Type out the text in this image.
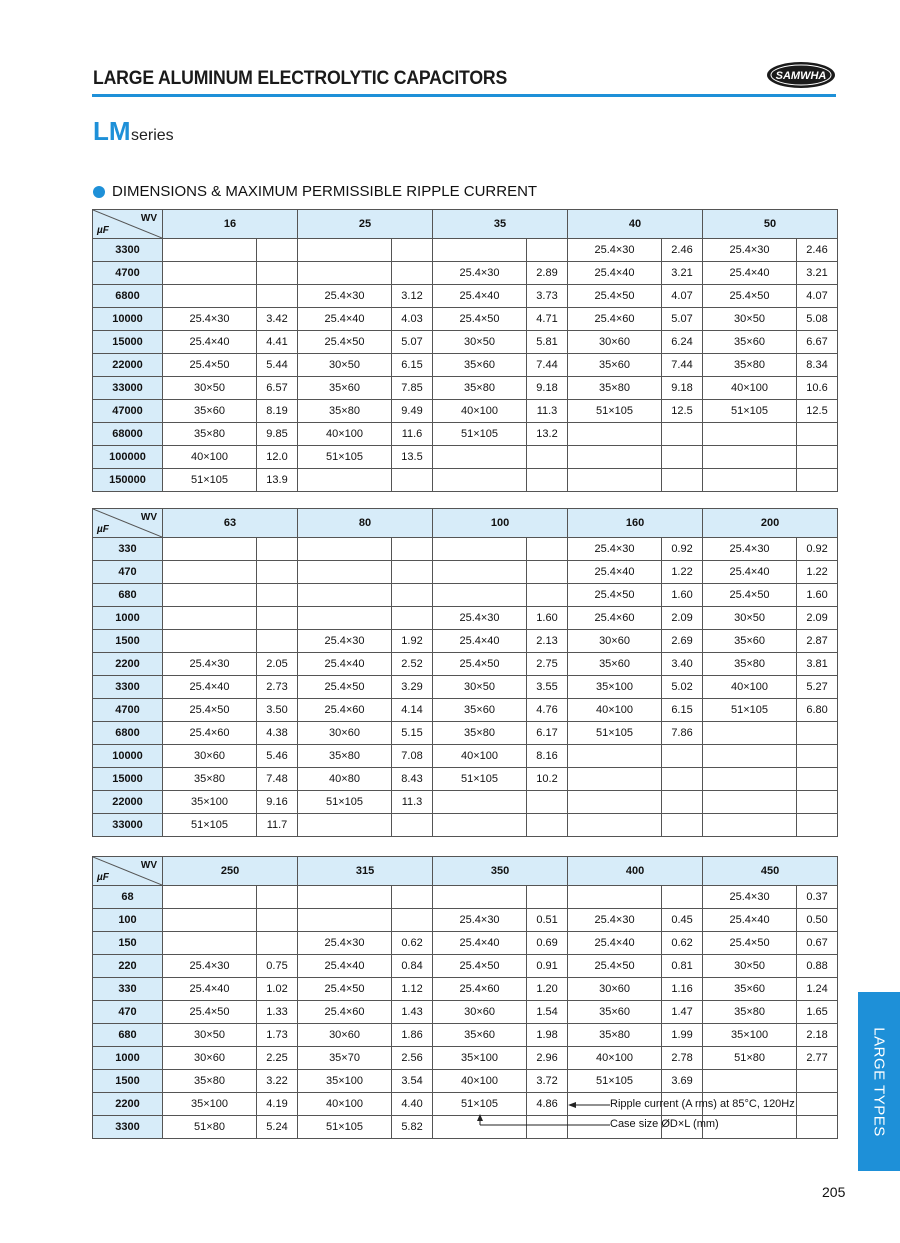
LARGE ALUMINUM ELECTROLYTIC CAPACITORS	SAMWHA
LM series
DIMENSIONS & MAXIMUM PERMISSIBLE RIPPLE CURRENT
WV
µF	16		25		35		40		50	
3300							25.4×30	2.46	25.4×30	2.46
4700					25.4×30	2.89	25.4×40	3.21	25.4×40	3.21
6800			25.4×30	3.12	25.4×40	3.73	25.4×50	4.07	25.4×50	4.07
10000	25.4×30	3.42	25.4×40	4.03	25.4×50	4.71	25.4×60	5.07	30×50	5.08
15000	25.4×40	4.41	25.4×50	5.07	30×50	5.81	30×60	6.24	35×60	6.67
22000	25.4×50	5.44	30×50	6.15	35×60	7.44	35×60	7.44	35×80	8.34
33000	30×50	6.57	35×60	7.85	35×80	9.18	35×80	9.18	40×100	10.6
47000	35×60	8.19	35×80	9.49	40×100	11.3	51×105	12.5	51×105	12.5
68000	35×80	9.85	40×100	11.6	51×105	13.2				
100000	40×100	12.0	51×105	13.5						
150000	51×105	13.9								
WV
µF	63		80		100		160		200	
330							25.4×30	0.92	25.4×30	0.92
470							25.4×40	1.22	25.4×40	1.22
680							25.4×50	1.60	25.4×50	1.60
1000					25.4×30	1.60	25.4×60	2.09	30×50	2.09
1500			25.4×30	1.92	25.4×40	2.13	30×60	2.69	35×60	2.87
2200	25.4×30	2.05	25.4×40	2.52	25.4×50	2.75	35×60	3.40	35×80	3.81
3300	25.4×40	2.73	25.4×50	3.29	30×50	3.55	35×100	5.02	40×100	5.27
4700	25.4×50	3.50	25.4×60	4.14	35×60	4.76	40×100	6.15	51×105	6.80
6800	25.4×60	4.38	30×60	5.15	35×80	6.17	51×105	7.86		
10000	30×60	5.46	35×80	7.08	40×100	8.16				
15000	35×80	7.48	40×80	8.43	51×105	10.2				
22000	35×100	9.16	51×105	11.3						
33000	51×105	11.7								
WV
µF	250		315		350		400		450	
68									25.4×30	0.37
100					25.4×30	0.51	25.4×30	0.45	25.4×40	0.50
150			25.4×30	0.62	25.4×40	0.69	25.4×40	0.62	25.4×50	0.67
220	25.4×30	0.75	25.4×40	0.84	25.4×50	0.91	25.4×50	0.81	30×50	0.88
330	25.4×40	1.02	25.4×50	1.12	25.4×60	1.20	30×60	1.16	35×60	1.24
470	25.4×50	1.33	25.4×60	1.43	30×60	1.54	35×60	1.47	35×80	1.65
680	30×50	1.73	30×60	1.86	35×60	1.98	35×80	1.99	35×100	2.18
1000	30×60	2.25	35×70	2.56	35×100	2.96	40×100	2.78	51×80	2.77
1500	35×80	3.22	35×100	3.54	40×100	3.72	51×105	3.69		
2200	35×100	4.19	40×100	4.40	51×105	4.86				
3300	51×80	5.24	51×105	5.82						
Ripple current (A rms) at 85°C, 120Hz
Case size ØD×L (mm)	LARGE TYPES
205
